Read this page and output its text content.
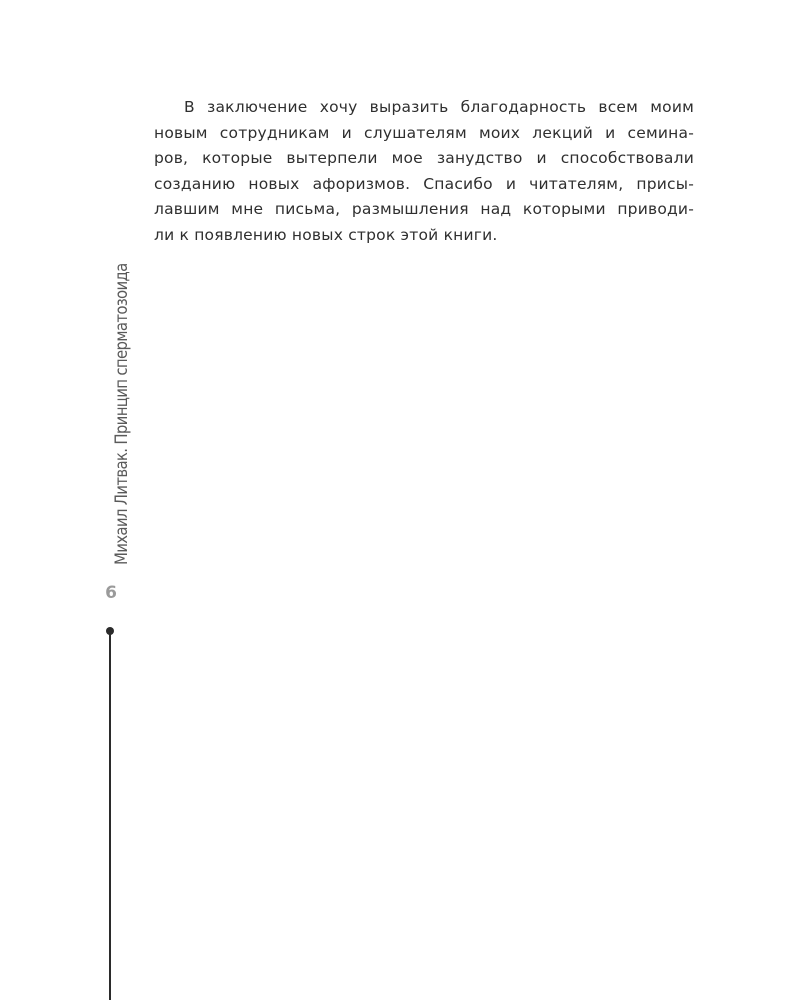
В заключение хочу выразить благодарность всем моим
новым сотрудникам и слушателям моих лекций и семина-
ров, которые вытерпели мое занудство и способствовали
созданию новых афоризмов. Спасибо и читателям, присы-
лавшим мне письма, размышления над которыми приводи-
ли к появлению новых строк этой книги.

Михаил Литвак. Принцип сперматозоида
6
